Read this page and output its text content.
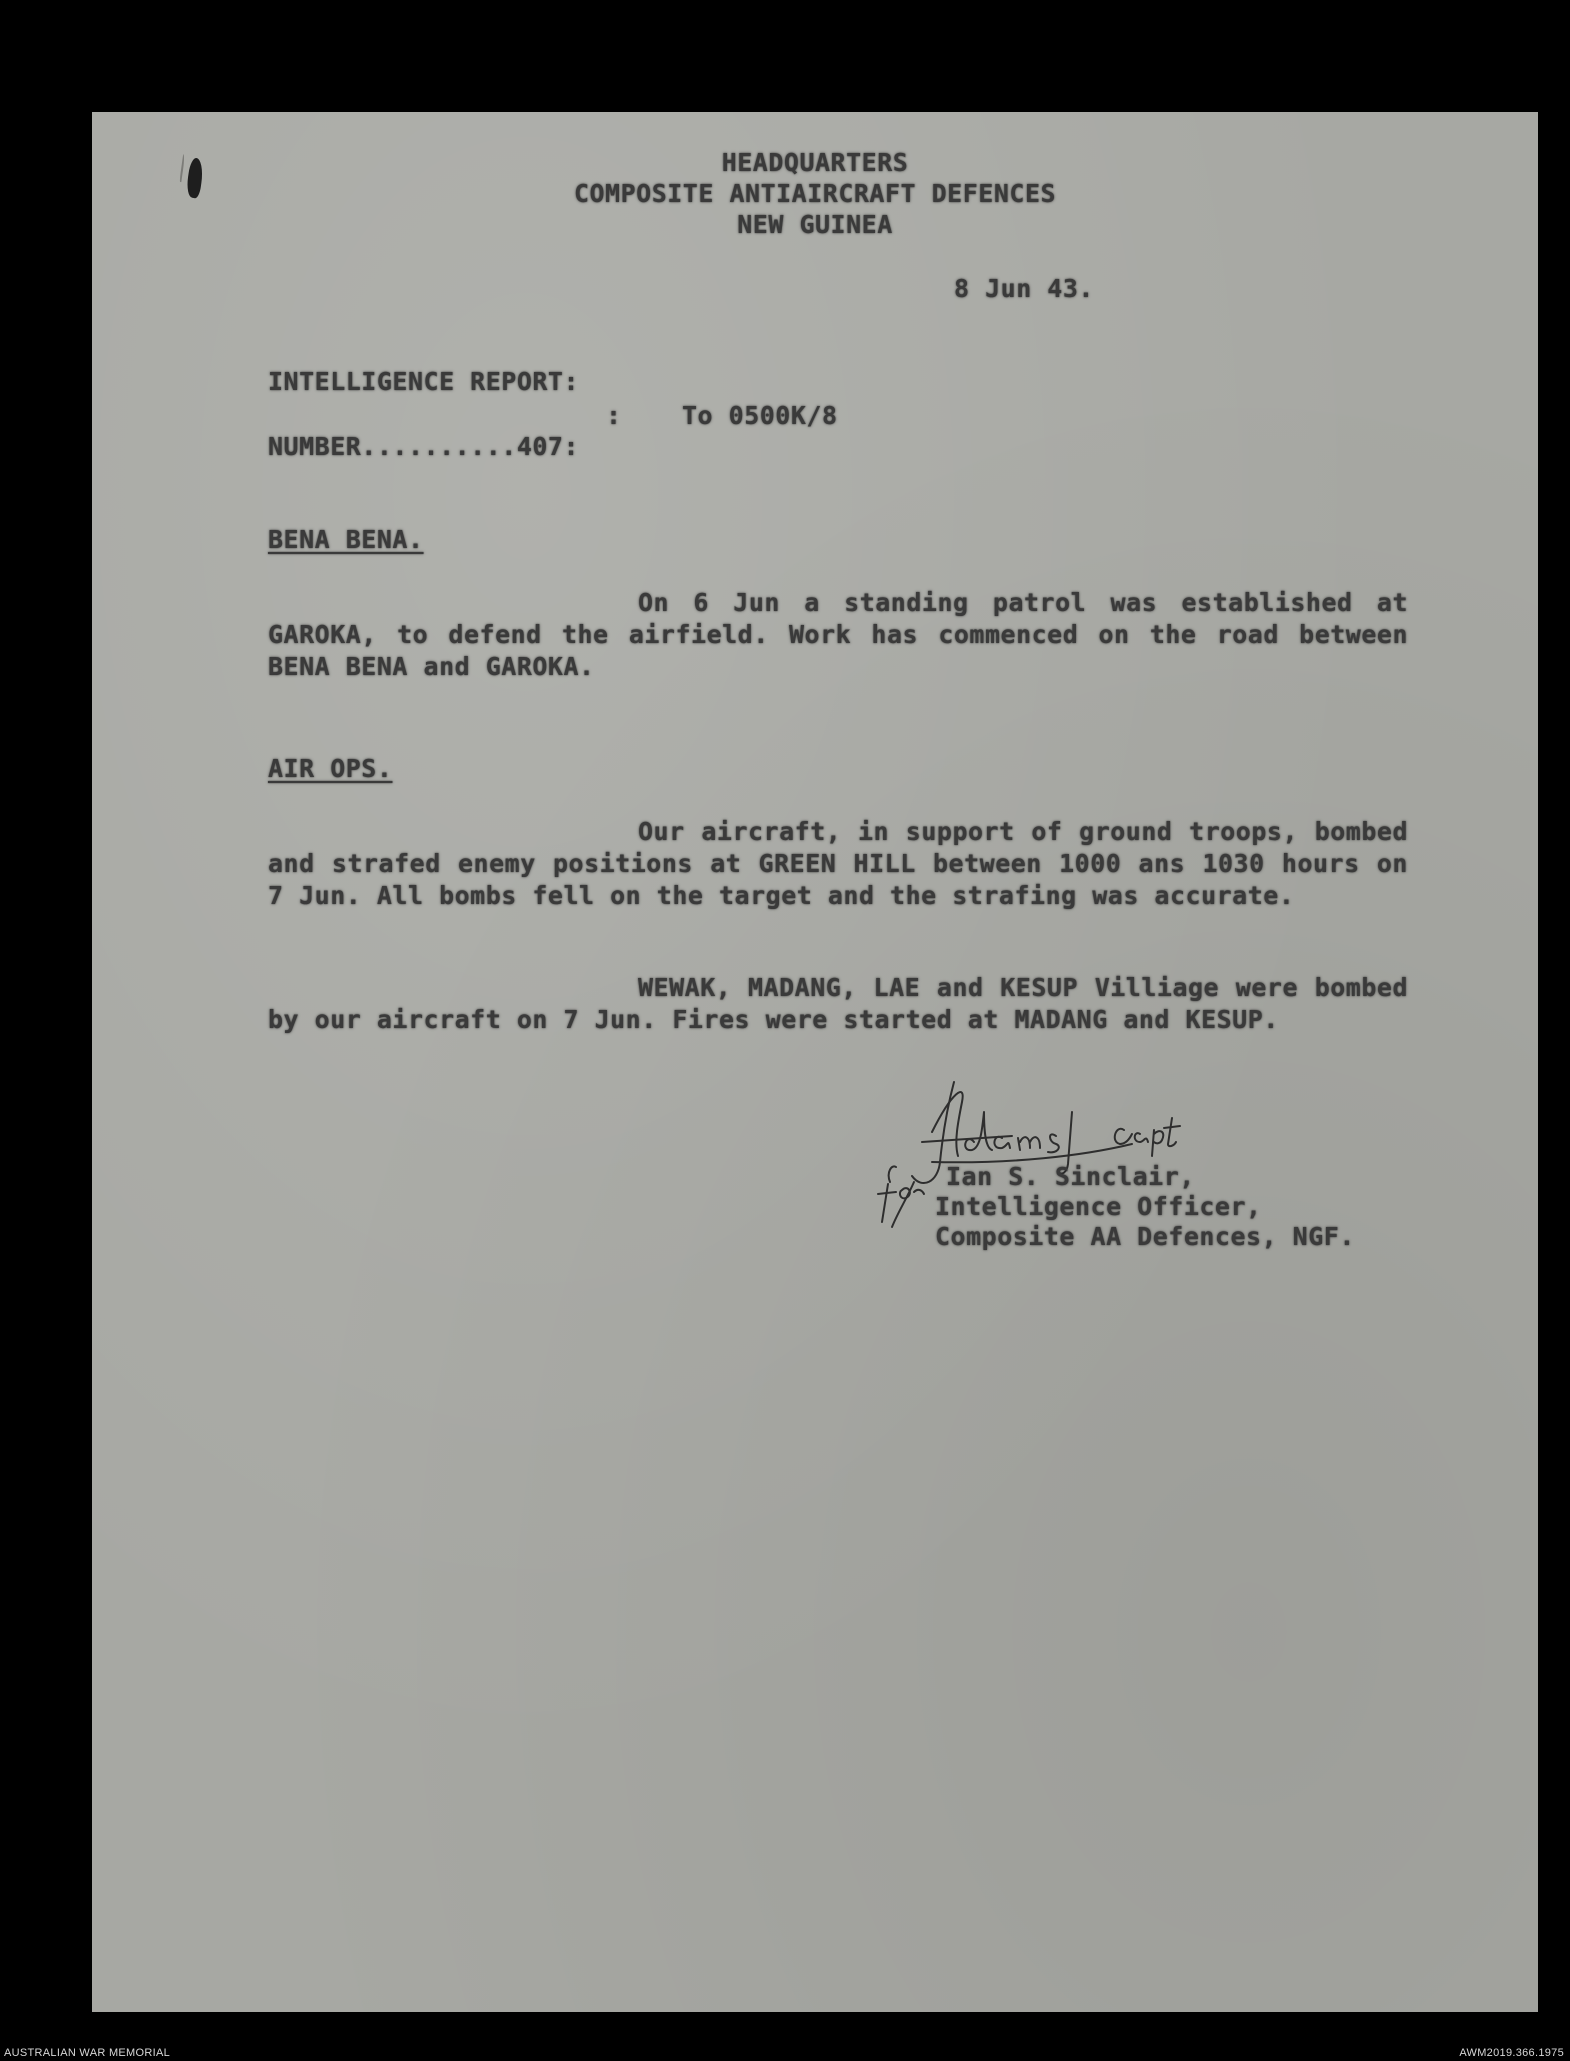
HEADQUARTERS
COMPOSITE ANTIAIRCRAFT DEFENCES
NEW GUINEA
8 Jun 43.
INTELLIGENCE REPORT:
: To 0500K/8
NUMBER..........407:
BENA BENA.
On 6 Jun a standing patrol was established at GAROKA, to defend the airfield. Work has commenced on the road between BENA BENA and GAROKA.
AIR OPS.
Our aircraft, in support of ground troops, bombed and strafed enemy positions at GREEN HILL between 1000 ans 1030 hours on 7 Jun. All bombs fell on the target and the strafing was accurate.
WEWAK, MADANG, LAE and KESUP Villiage were bombed by our aircraft on 7 Jun. Fires were started at MADANG and KESUP.
Ian S. Sinclair,
Intelligence Officer,
Composite AA Defences, NGF.
AUSTRALIAN WAR MEMORIAL	AWM2019.366.1975
